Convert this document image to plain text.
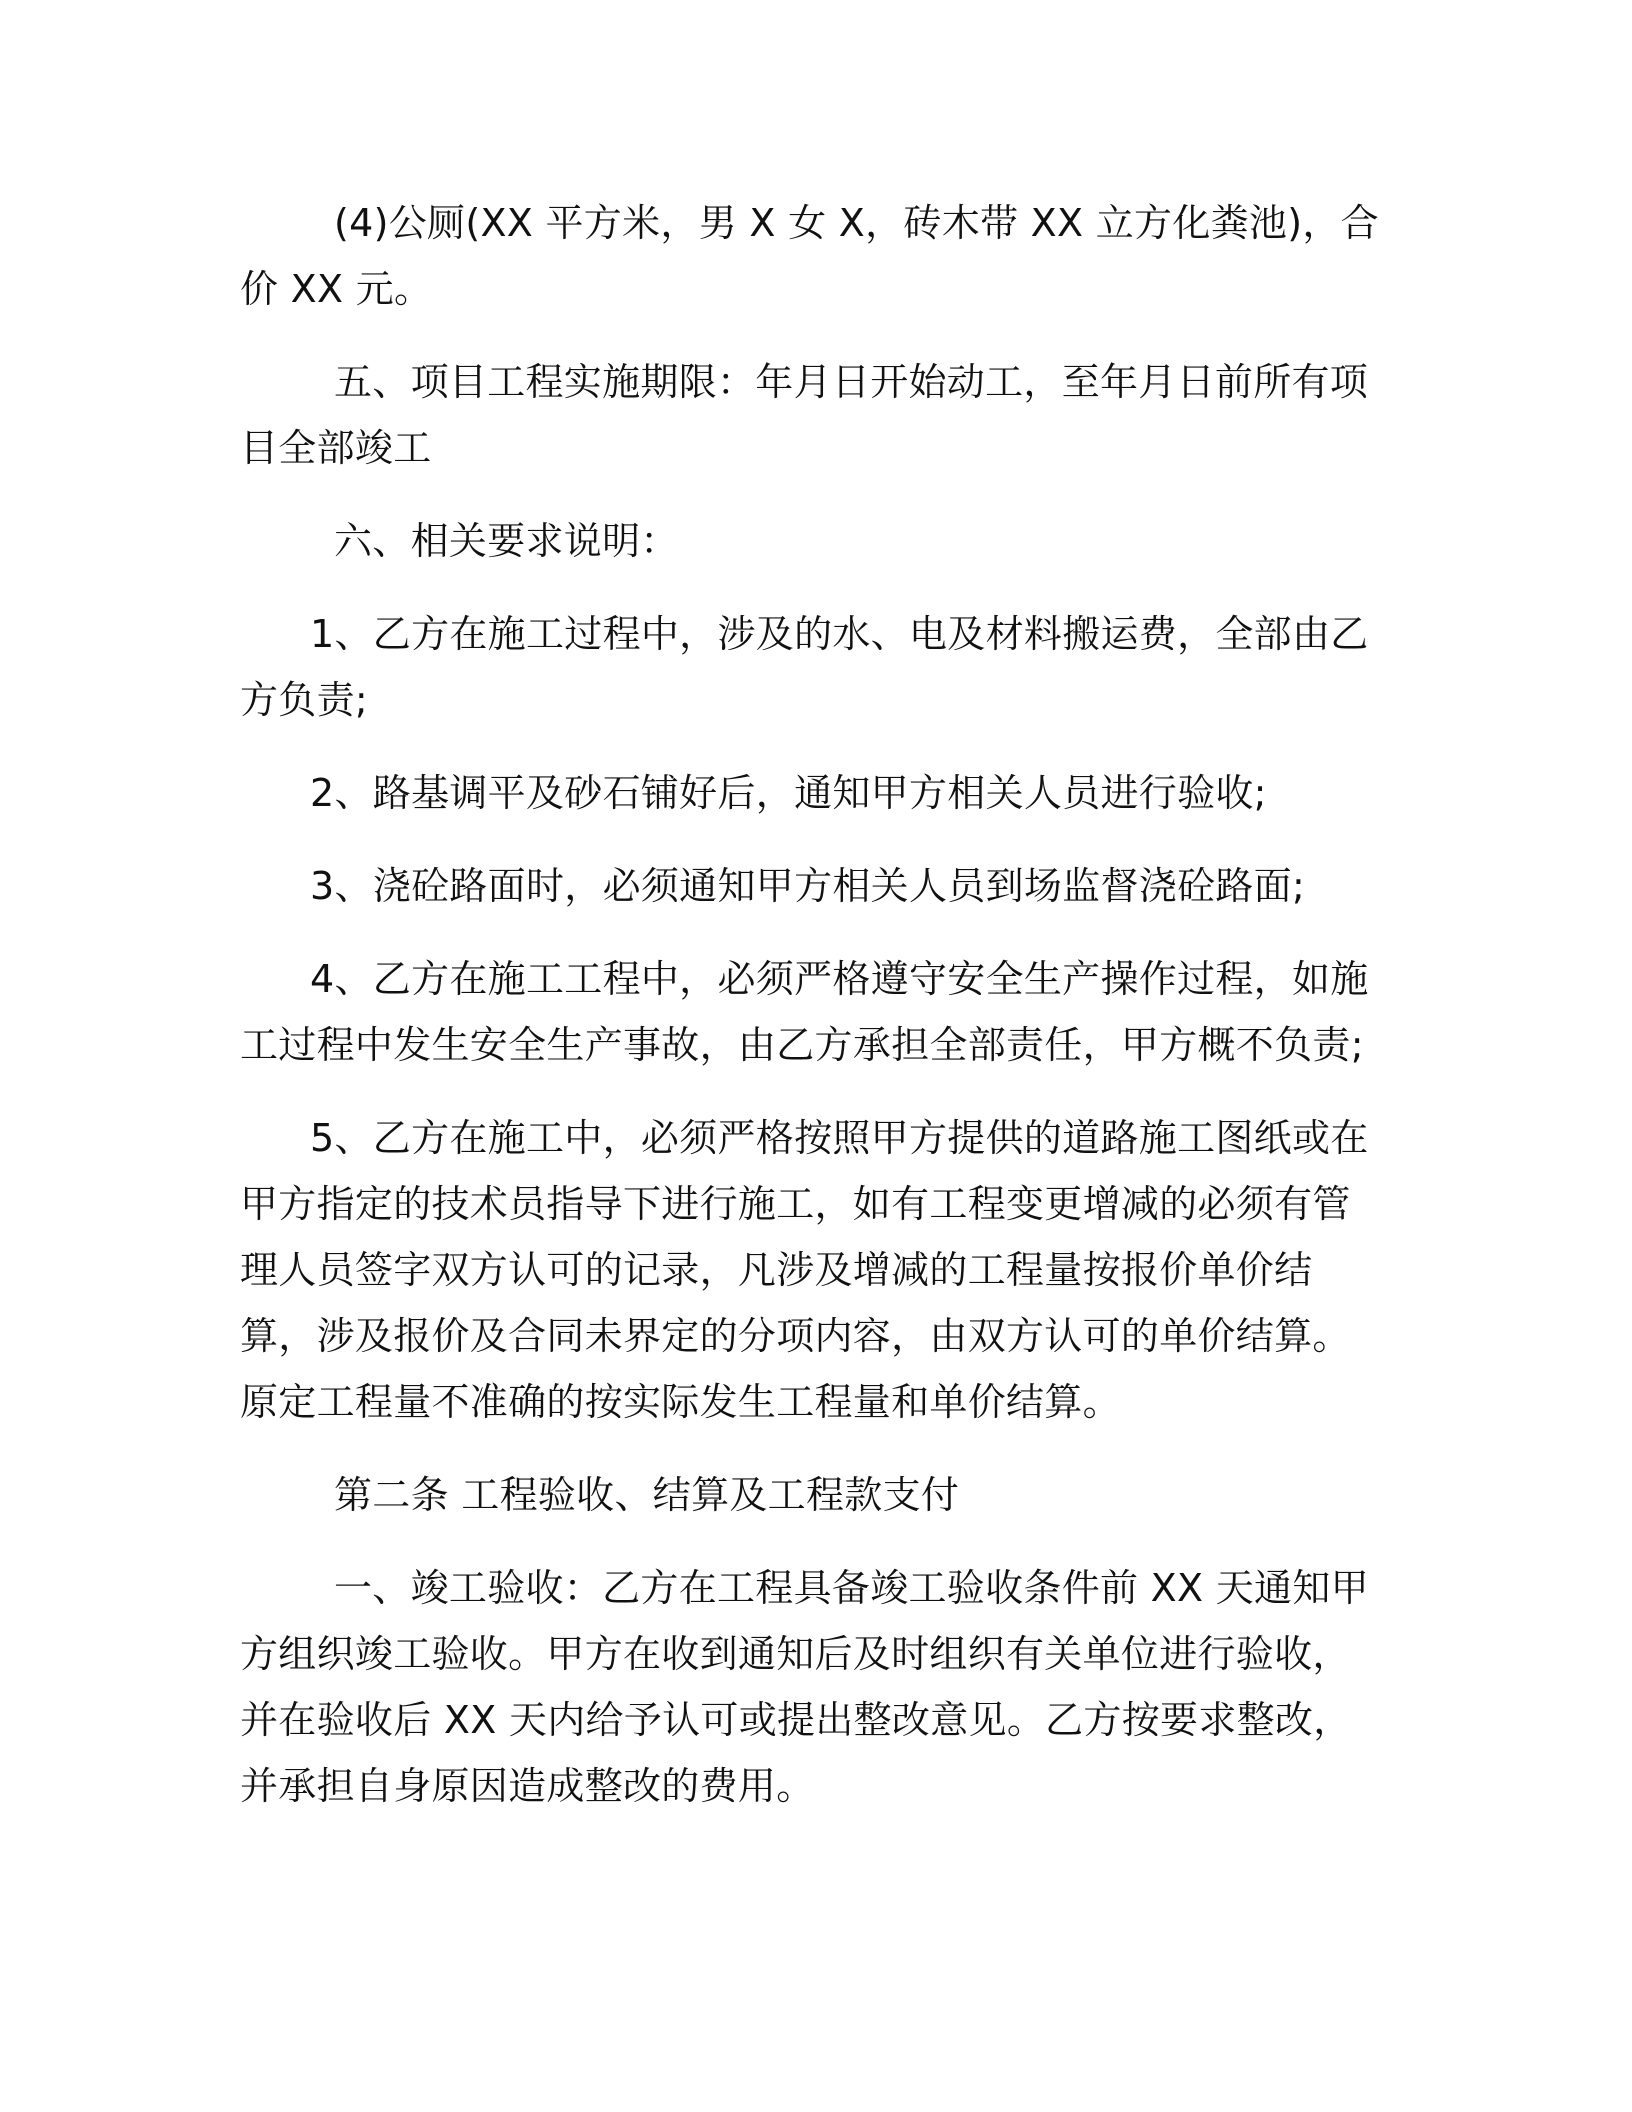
(4)公厕(XX 平方米，男 X 女 X，砖木带 XX 立方化粪池)，合价 XX 元。

五、项目工程实施期限：年月日开始动工，至年月日前所有项目全部竣工

六、相关要求说明：

1、乙方在施工过程中，涉及的水、电及材料搬运费，全部由乙方负责;

2、路基调平及砂石铺好后，通知甲方相关人员进行验收;

3、浇砼路面时，必须通知甲方相关人员到场监督浇砼路面;

4、乙方在施工工程中，必须严格遵守安全生产操作过程，如施工过程中发生安全生产事故，由乙方承担全部责任，甲方概不负责;

5、乙方在施工中，必须严格按照甲方提供的道路施工图纸或在甲方指定的技术员指导下进行施工，如有工程变更增减的必须有管理人员签字双方认可的记录，凡涉及增减的工程量按报价单价结算，涉及报价及合同未界定的分项内容，由双方认可的单价结算。原定工程量不准确的按实际发生工程量和单价结算。

第二条 工程验收、结算及工程款支付

一、竣工验收：乙方在工程具备竣工验收条件前 XX 天通知甲方组织竣工验收。甲方在收到通知后及时组织有关单位进行验收，并在验收后 XX 天内给予认可或提出整改意见。乙方按要求整改，并承担自身原因造成整改的费用。
